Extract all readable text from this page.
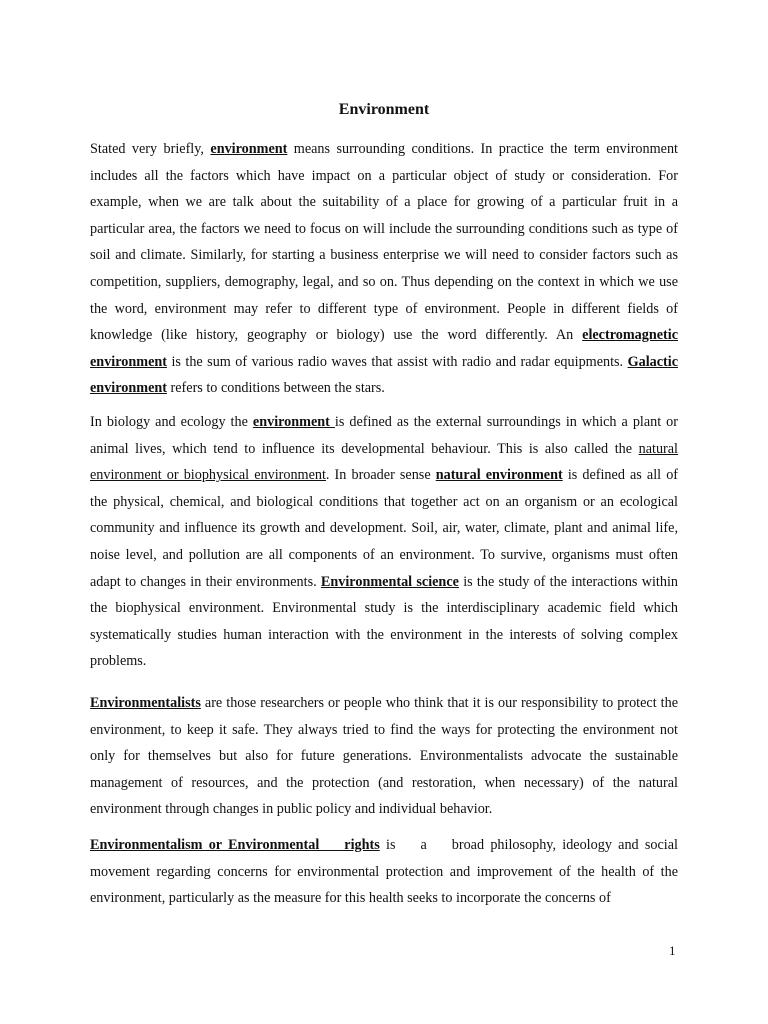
Environment

Stated very briefly, environment means surrounding conditions. In practice the term environment includes all the factors which have impact on a particular object of study or consideration. For example, when we are talk about the suitability of a place for growing of a particular fruit in a particular area, the factors we need to focus on will include the surrounding conditions such as type of soil and climate. Similarly, for starting a business enterprise we will need to consider factors such as competition, suppliers, demography, legal, and so on. Thus depending on the context in which we use the word, environment may refer to different type of environment. People in different fields of knowledge (like history, geography or biology) use the word differently. An electromagnetic environment is the sum of various radio waves that assist with radio and radar equipments. Galactic environment refers to conditions between the stars.

In biology and ecology the environment is defined as the external surroundings in which a plant or animal lives, which tend to influence its developmental behaviour. This is also called the natural environment or biophysical environment. In broader sense natural environment is defined as all of the physical, chemical, and biological conditions that together act on an organism or an ecological community and influence its growth and development. Soil, air, water, climate, plant and animal life, noise level, and pollution are all components of an environment. To survive, organisms must often adapt to changes in their environments. Environmental science is the study of the interactions within the biophysical environment. Environmental study is the interdisciplinary academic field which systematically studies human interaction with the environment in the interests of solving complex problems.

Environmentalists are those researchers or people who think that it is our responsibility to protect the environment, to keep it safe. They always tried to find the ways for protecting the environment not only for themselves but also for future generations. Environmentalists advocate the sustainable management of resources, and the protection (and restoration, when necessary) of the natural environment through changes in public policy and individual behavior.

Environmentalism or Environmental    rights is    a    broad philosophy, ideology and social movement regarding concerns for environmental protection and improvement of the health of the environment, particularly as the measure for this health seeks to incorporate the concerns of

1
